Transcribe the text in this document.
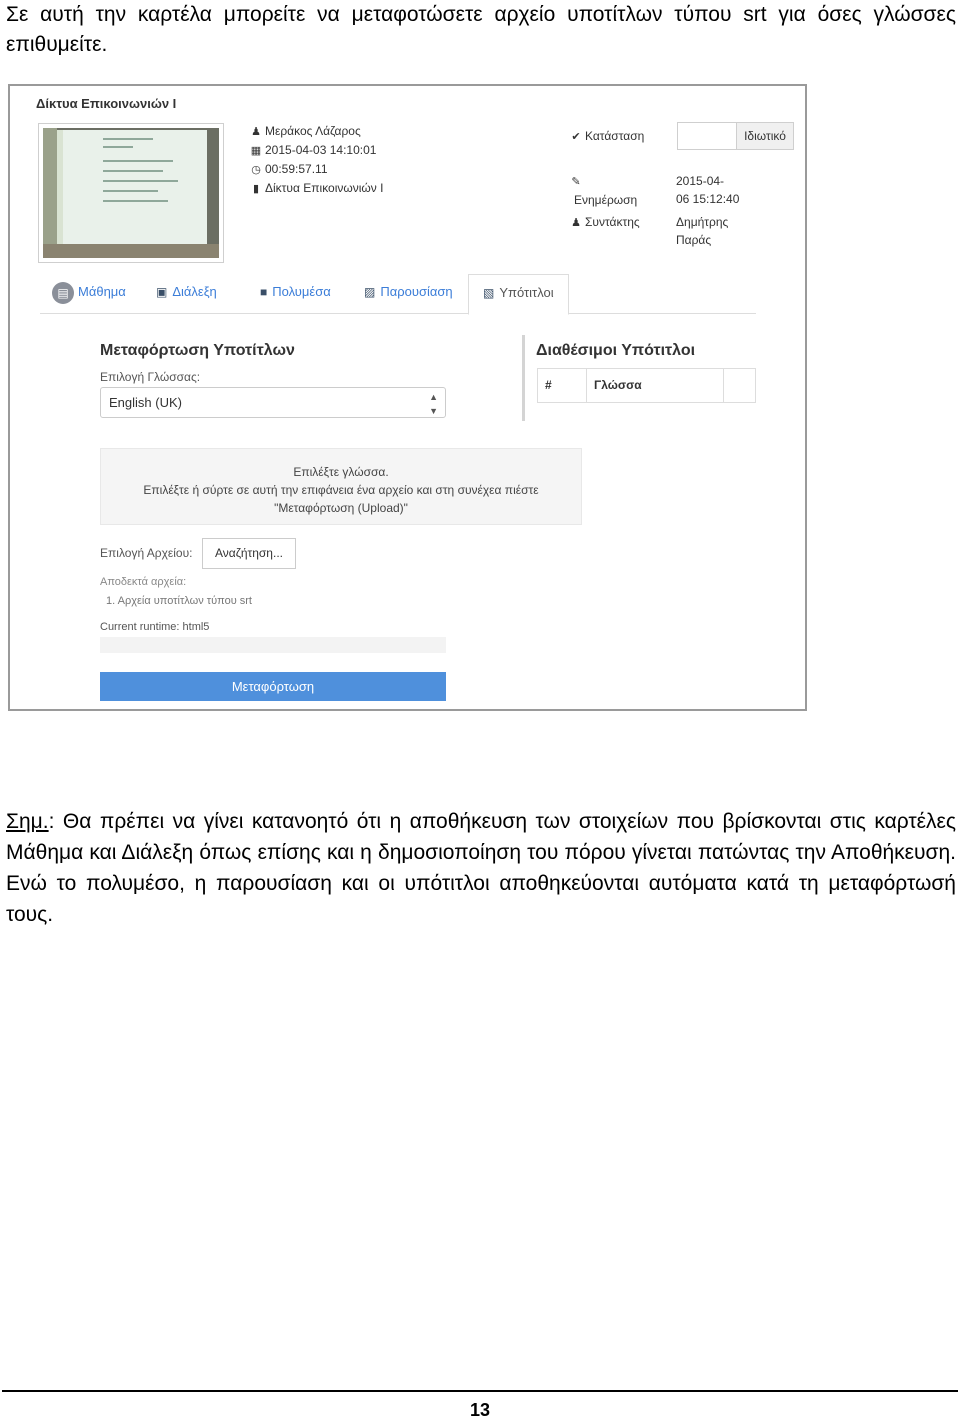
Σε αυτή την καρτέλα μπορείτε να μεταφοτώσετε αρχείο υποτίτλων τύπου srt για όσες γλώσσες επιθυμείτε.

Δίκτυα Επικοινωνιών Ι
♟ Μεράκος Λάζαρος
▦ 2015-04-03 14:10:01
◷ 00:59:57.11
▮ Δίκτυα Επικοινωνιών Ι
✔ Κατάσταση	Ιδιωτικό
✎
Ενημέρωση
2015-04-
06 15:12:40
♟ Συντάκτης	Δημήτρης
Παράς
▤ Μάθημα	▣ Διάλεξη	■ Πολυμέσα	▨ Παρουσίαση	▧ Υπότιτλοι
Μεταφόρτωση Υποτίτλων
Επιλογή Γλώσσας:
English (UK)	▲
▼
Διαθέσιμοι Υπότιτλοι
#	Γλώσσα
Επιλέξτε γλώσσα.
Επιλέξτε ή σύρτε σε αυτή την επιφάνεια ένα αρχείο και στη συνέχεα πιέστε
"Μεταφόρτωση (Upload)"
Επιλογή Αρχείου:	Αναζήτηση...
Αποδεκτά αρχεία:
1. Αρχεία υποτίτλων τύπου srt
Current runtime: html5
Μεταφόρτωση

Σημ.: Θα πρέπει να γίνει κατανοητό ότι η αποθήκευση των στοιχείων που βρίσκονται στις καρτέλες Μάθημα και Διάλεξη όπως επίσης και η δημοσιοποίηση του πόρου γίνεται πατώντας την Αποθήκευση. Ενώ το πολυμέσο, η παρουσίαση και οι υπότιτλοι αποθηκεύονται αυτόματα κατά τη μεταφόρτωσή τους.

13
